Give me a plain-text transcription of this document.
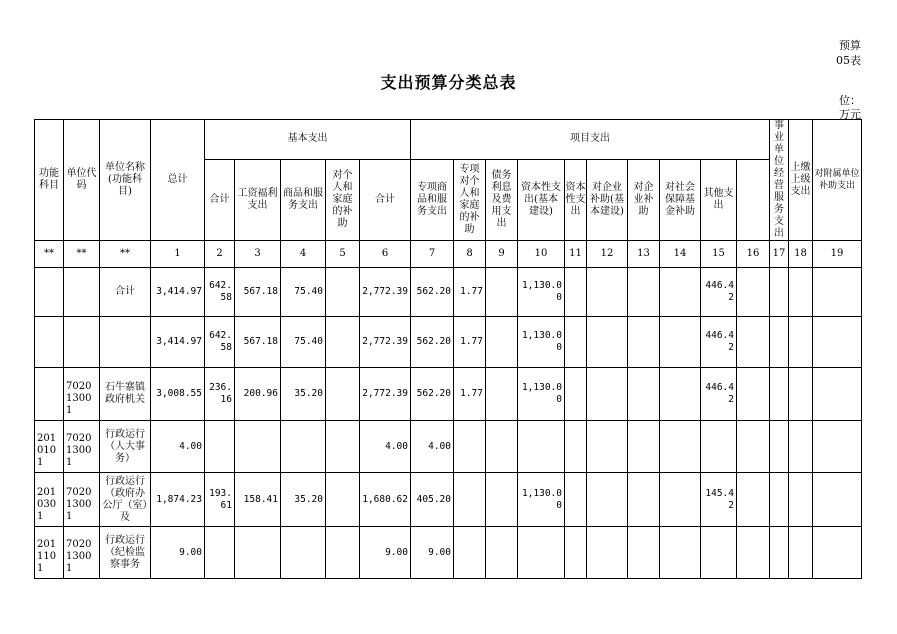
预算
05表
支出预算分类总表
位：
万元
功能科目	单位代码	单位名称(功能科目)	总计	基本支出					项目支出										事业单位经营服务支出	上缴上级支出	对附属单位补助支出	
				合计	工资福利支出	商品和服务支出	对个人和家庭的补助	合计	专项商品和服务支出	专项对个人和家庭的补助	债务利息及费用支出	资本性支出(基本建设)	资本性支出	对企业补助(基本建设)	对企业补助	对社会保障基金补助	其他支出					
**	**	**	1	2	3	4	5	6	7	8	9	10	11	12	13	14	15	16	17	18	19	
		合计	3,414.97	642.58	567.18	75.40		2,772.39	562.20	1.77		1,130.00					446.42					
			3,414.97	642.58	567.18	75.40		2,772.39	562.20	1.77		1,130.00					446.42					
	702013001	石牛寨镇政府机关	3,008.55	236.16	200.96	35.20		2,772.39	562.20	1.77		1,130.00					446.42					
2010101	702013001	行政运行（人大事务）	4.00					4.00	4.00													
2010301	702013001	行政运行（政府办公厅（室）及	1,874.23	193.61	158.41	35.20		1,680.62	405.20			1,130.00					145.42					
2011101	702013001	行政运行（纪检监察事务	9.00					9.00	9.00													
